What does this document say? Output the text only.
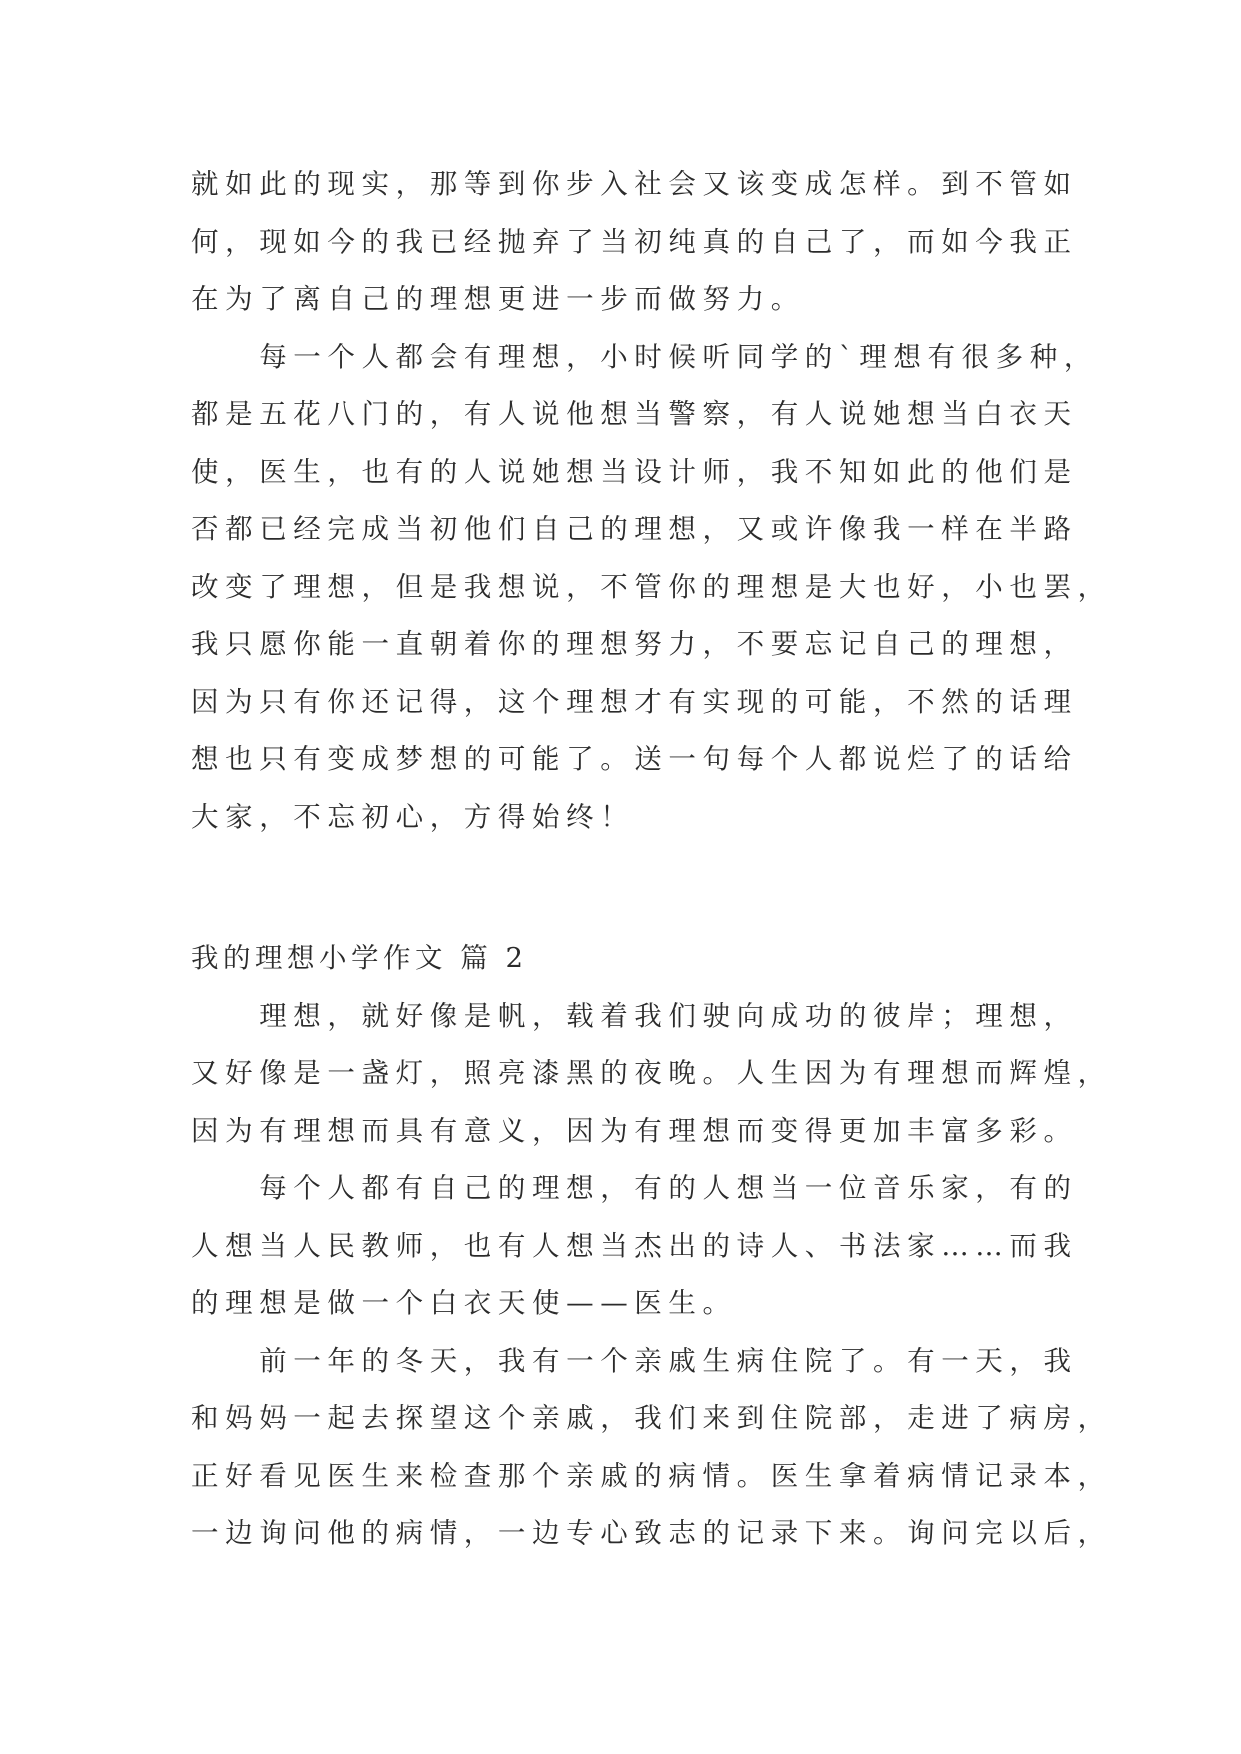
就如此的现实，那等到你步入社会又该变成怎样。到不管如
何，现如今的我已经抛弃了当初纯真的自己了，而如今我正
在为了离自己的理想更进一步而做努力。
　　每一个人都会有理想，小时候听同学的`理想有很多种，
都是五花八门的，有人说他想当警察，有人说她想当白衣天
使，医生，也有的人说她想当设计师，我不知如此的他们是
否都已经完成当初他们自己的理想，又或许像我一样在半路
改变了理想，但是我想说，不管你的理想是大也好，小也罢，
我只愿你能一直朝着你的理想努力，不要忘记自己的理想，
因为只有你还记得，这个理想才有实现的可能，不然的话理
想也只有变成梦想的可能了。送一句每个人都说烂了的话给
大家，不忘初心，方得始终！
我的理想小学作文 篇 2
　　理想，就好像是帆，载着我们驶向成功的彼岸；理想，
又好像是一盏灯，照亮漆黑的夜晚。人生因为有理想而辉煌，
因为有理想而具有意义，因为有理想而变得更加丰富多彩。
　　每个人都有自己的理想，有的人想当一位音乐家，有的
人想当人民教师，也有人想当杰出的诗人、书法家……而我
的理想是做一个白衣天使——医生。
　　前一年的冬天，我有一个亲戚生病住院了。有一天，我
和妈妈一起去探望这个亲戚，我们来到住院部，走进了病房，
正好看见医生来检查那个亲戚的病情。医生拿着病情记录本，
一边询问他的病情，一边专心致志的记录下来。询问完以后，
